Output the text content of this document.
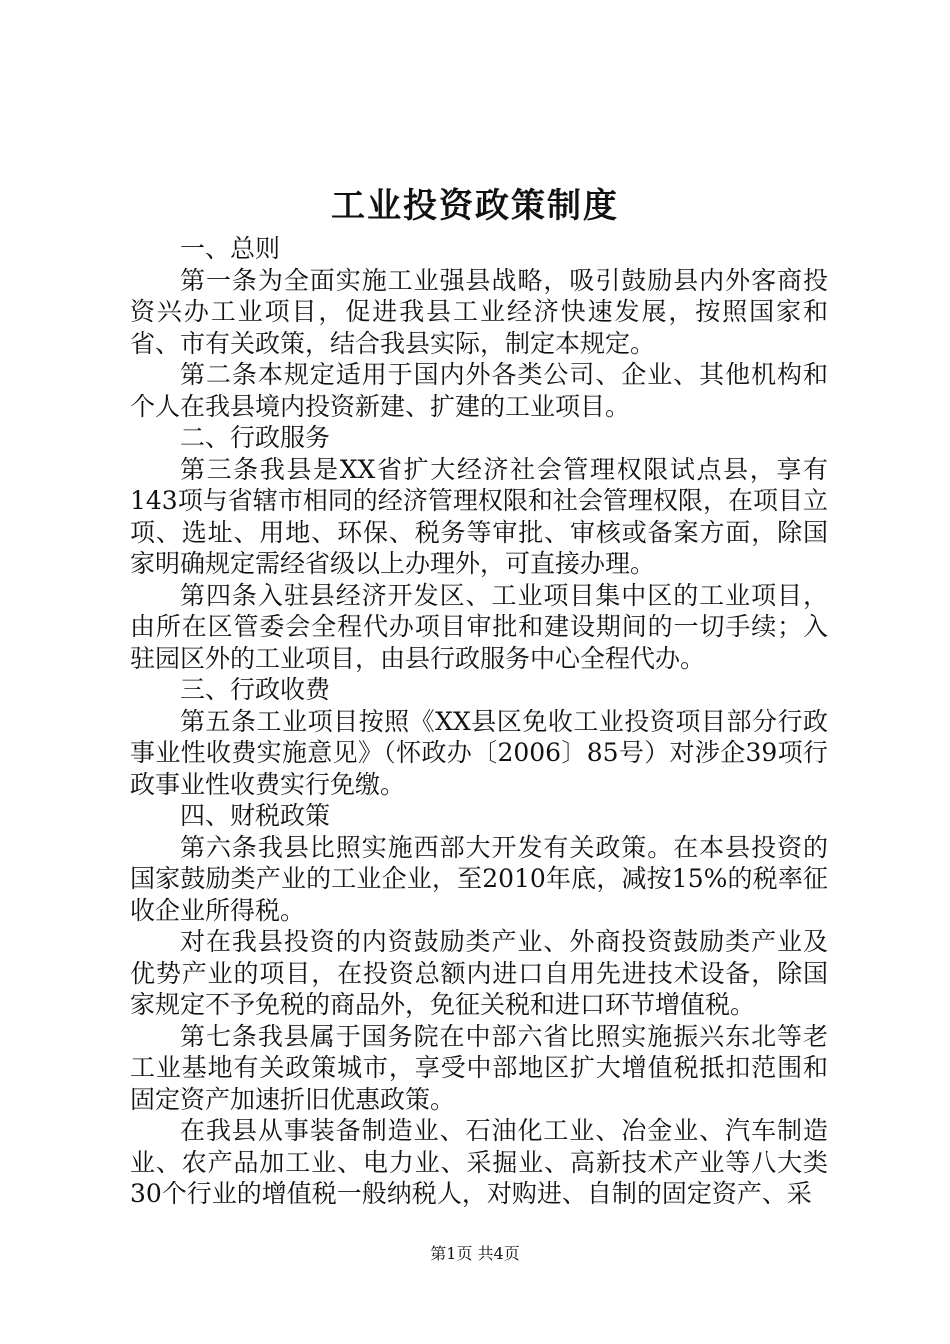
工业投资政策制度

一、总则

第一条为全面实施工业强县战略，吸引鼓励县内外客商投资兴办工业项目，促进我县工业经济快速发展，按照国家和省、市有关政策，结合我县实际，制定本规定。

第二条本规定适用于国内外各类公司、企业、其他机构和个人在我县境内投资新建、扩建的工业项目。

二、行政服务

第三条我县是XX省扩大经济社会管理权限试点县，享有143项与省辖市相同的经济管理权限和社会管理权限，在项目立项、选址、用地、环保、税务等审批、审核或备案方面，除国家明确规定需经省级以上办理外，可直接办理。

第四条入驻县经济开发区、工业项目集中区的工业项目，由所在区管委会全程代办项目审批和建设期间的一切手续；入驻园区外的工业项目，由县行政服务中心全程代办。

三、行政收费

第五条工业项目按照《XX县区免收工业投资项目部分行政事业性收费实施意见》（怀政办〔2006〕85号）对涉企39项行政事业性收费实行免缴。

四、财税政策

第六条我县比照实施西部大开发有关政策。在本县投资的国家鼓励类产业的工业企业，至2010年底，减按15%的税率征收企业所得税。

对在我县投资的内资鼓励类产业、外商投资鼓励类产业及优势产业的项目，在投资总额内进口自用先进技术设备，除国家规定不予免税的商品外，免征关税和进口环节增值税。

第七条我县属于国务院在中部六省比照实施振兴东北等老工业基地有关政策城市，享受中部地区扩大增值税抵扣范围和固定资产加速折旧优惠政策。

在我县从事装备制造业、石油化工业、冶金业、汽车制造业、农产品加工业、电力业、采掘业、高新技术产业等八大类30个行业的增值税一般纳税人，对购进、自制的固定资产、采

第1页 共4页
